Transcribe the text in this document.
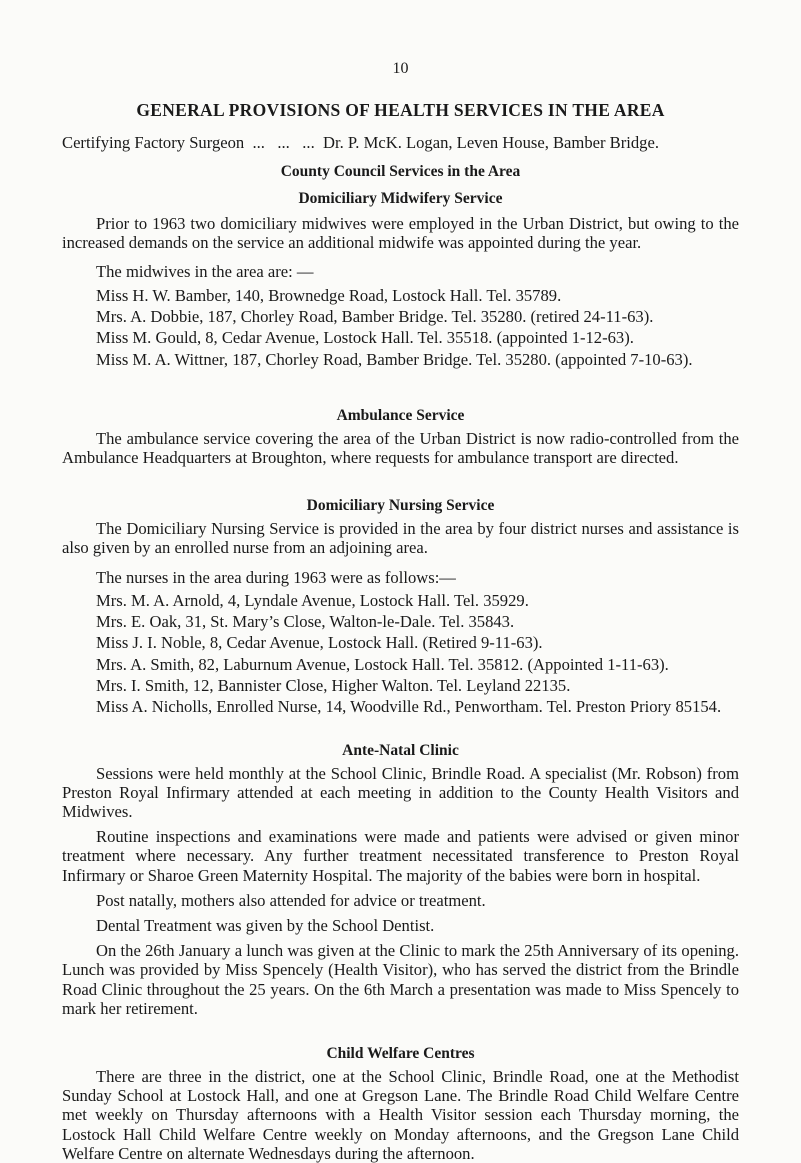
10

GENERAL PROVISIONS OF HEALTH SERVICES IN THE AREA

Certifying Factory Surgeon  ...   ...   ...  Dr. P. McK. Logan, Leven House, Bamber Bridge.

County Council Services in the Area

Domiciliary Midwifery Service

Prior to 1963 two domiciliary midwives were employed in the Urban District, but owing to the increased demands on the service an additional midwife was appointed during the year.

The midwives in the area are: —

Miss H. W. Bamber, 140, Brownedge Road, Lostock Hall. Tel. 35789.
Mrs. A. Dobbie, 187, Chorley Road, Bamber Bridge. Tel. 35280. (retired 24-11-63).
Miss M. Gould, 8, Cedar Avenue, Lostock Hall. Tel. 35518. (appointed 1-12-63).
Miss M. A. Wittner, 187, Chorley Road, Bamber Bridge. Tel. 35280. (appointed 7-10-63).
Ambulance Service

The ambulance service covering the area of the Urban District is now radio-controlled from the Ambulance Headquarters at Broughton, where requests for ambulance transport are directed.

Domiciliary Nursing Service

The Domiciliary Nursing Service is provided in the area by four district nurses and assistance is also given by an enrolled nurse from an adjoining area.

The nurses in the area during 1963 were as follows:—

Mrs. M. A. Arnold, 4, Lyndale Avenue, Lostock Hall. Tel. 35929.
Mrs. E. Oak, 31, St. Mary’s Close, Walton-le-Dale. Tel. 35843.
Miss J. I. Noble, 8, Cedar Avenue, Lostock Hall. (Retired 9-11-63).
Mrs. A. Smith, 82, Laburnum Avenue, Lostock Hall. Tel. 35812. (Appointed 1-11-63).
Mrs. I. Smith, 12, Bannister Close, Higher Walton. Tel. Leyland 22135.
Miss A. Nicholls, Enrolled Nurse, 14, Woodville Rd., Penwortham. Tel. Preston Priory 85154.
Ante-Natal Clinic

Sessions were held monthly at the School Clinic, Brindle Road. A specialist (Mr. Robson) from Preston Royal Infirmary attended at each meeting in addition to the County Health Visitors and Midwives.

Routine inspections and examinations were made and patients were advised or given minor treatment where necessary. Any further treatment necessitated transference to Preston Royal Infirmary or Sharoe Green Maternity Hospital. The majority of the babies were born in hospital.

Post natally, mothers also attended for advice or treatment.

Dental Treatment was given by the School Dentist.

On the 26th January a lunch was given at the Clinic to mark the 25th Anniversary of its opening. Lunch was provided by Miss Spencely (Health Visitor), who has served the district from the Brindle Road Clinic throughout the 25 years. On the 6th March a presentation was made to Miss Spencely to mark her retirement.

Child Welfare Centres

There are three in the district, one at the School Clinic, Brindle Road, one at the Methodist Sunday School at Lostock Hall, and one at Gregson Lane. The Brindle Road Child Welfare Centre met weekly on Thursday afternoons with a Health Visitor session each Thursday morning, the Lostock Hall Child Welfare Centre weekly on Monday afternoons, and the Gregson Lane Child Welfare Centre on alternate Wednesdays during the afternoon.
